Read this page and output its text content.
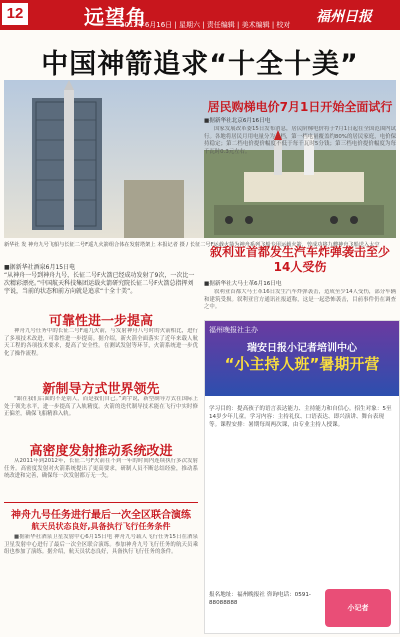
12	远望角
2012年6月16日 | 星期六 | 责任编辑 | 美术编辑 | 校对 福州日报
中国神箭追求“十全十美”
新华社 发 神舟九号飞船与长征二号F遥九火箭组合体在发射塔架上 本报记者 摄 / 长征二号F运载火箭为神舟系列飞船专用运载火箭，曾成功将九艘神舟飞船送入太空
■据新华社酒泉6月15日电
“从神舟一号到神舟九号，长征二号F火箭已经成功发射了9次，一次比一次精彩漂亮。”中国航天科技集团运载火箭研究院长征二号F火箭总指挥刘宇说，当前的状态和前方向就是追求“十全十美”。
可靠性进一步提高
神舟九号任务中的长征二号F遥九火箭，与发射神舟八号时的火箭相比，进行了多项技术改进，可靠性进一步提高。据介绍，新火箭全面落实了近年来载人航天工程的各项技术要求，提高了安全性。在测试发射等环节，火箭系统进一步优化了操作流程。
新制导方式世界领先
“跟在我们后面的不是别人，而是我们自己。”刘宇说，新型制导方式在国际上处于领先水平，进一步提高了入轨精度。火箭的迭代制导技术能在飞行中实时修正偏差，确保飞船精准入轨。
高密度发射推动系统改进
从2011年到2012年，长征二号F火箭在不到一年的时间内连续执行多次发射任务。高密度发射对火箭系统提出了更高要求，研制人员不断总结经验，推动系统改进和完善，确保每一次发射都万无一失。
神舟九号任务进行最后一次全区联合演练
航天员状态良好,具备执行飞行任务条件
■据新华社酒泉卫星发射中心6月15日电 神舟九号载人飞行任务15日在酒泉卫星发射中心进行了最后一次全区联合演练。参加神舟九号飞行任务的航天员乘组也参加了演练。据介绍，航天员状态良好，具备执行飞行任务的条件。
居民购梯电价7月1日开始全面试行
■据新华社北京6月16日电
国家发展改革委15日发布消息，居民阶梯电价将于7月1日起在全国范围内试行。各地将居民月用电量分为三档，第一档电量覆盖约80%的居民家庭，电价保持稳定；第二档电价提价幅度不低于每千瓦时5分钱；第三档电价提价幅度为每千瓦时0.3元左右。
叙利亚首都发生汽车炸弹袭击至少14人受伤
■据新华社大马士革6月16日电
叙利亚首都大马士革16日发生汽车炸弹袭击，造成至少14人受伤，部分车辆和建筑受损。叙利亚官方通讯社报道称，这是一起恐怖袭击，目前事件仍在调查之中。
福州晚报社主办
瑞安日报小记者培训中心
“小主持人班”暑期开营
学习目的：提高孩子的语言表达能力、主持能力和自信心。招生对象：5至14岁少年儿童。学习内容：主持礼仪、口语表达、即兴演讲、舞台表现等。课程安排：暑期每周两次课，由专业主持人授课。
报名地址：福州晚报社 咨询电话：0591-88088888
小记者
